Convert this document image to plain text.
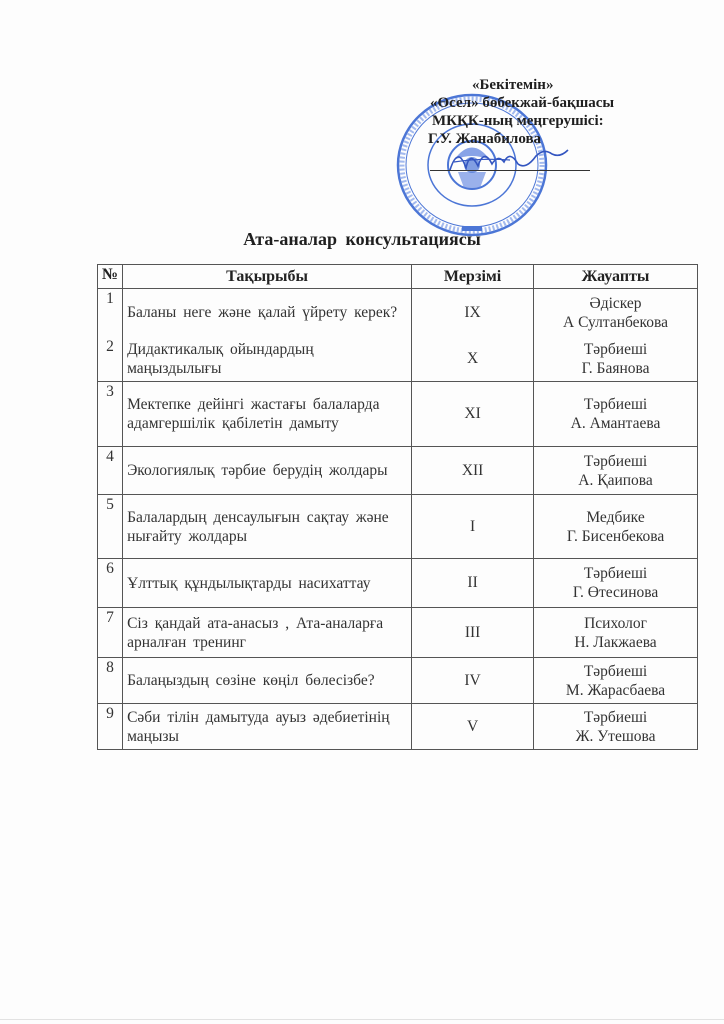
«Бекітемін»
«Өсел» бөбекжай-бақшасы
МКҚК-ның меңгерушісі:
Г.У. Жанабилова
Ата-аналар консультациясы
№	Тақырыбы	Мерзімі	Жауапты
1	Баланы неге және қалай үйрету керек?	IX	Әдіскер
А Султанбекова

2	Дидактикалық ойындардың маңыздылығы	X	Тәрбиеші
Г. Баянова

3	Мектепке дейінгі жастағы балаларда адамгершілік қабілетін дамыту	XI	Тәрбиеші
А. Амантаева

4	Экологиялық тәрбие берудің жолдары	XII	Тәрбиеші
А. Қаипова

5	Балалардың денсаулығын сақтау және нығайту жолдары	I	Медбике
Г. Бисенбекова

6	Ұлттық құндылықтарды насихаттау	II	Тәрбиеші
Г. Өтесинова

7	Сіз қандай ата-анасыз , Ата-аналарға арналған тренинг	III	Психолог
Н. Лакжаева

8	Балаңыздың сөзіне көңіл бөлесізбе?	IV	Тәрбиеші
М. Жарасбаева

9	Сәби тілін дамытуда ауыз әдебиетінің маңызы	V	Тәрбиеші
Ж. Утешова
